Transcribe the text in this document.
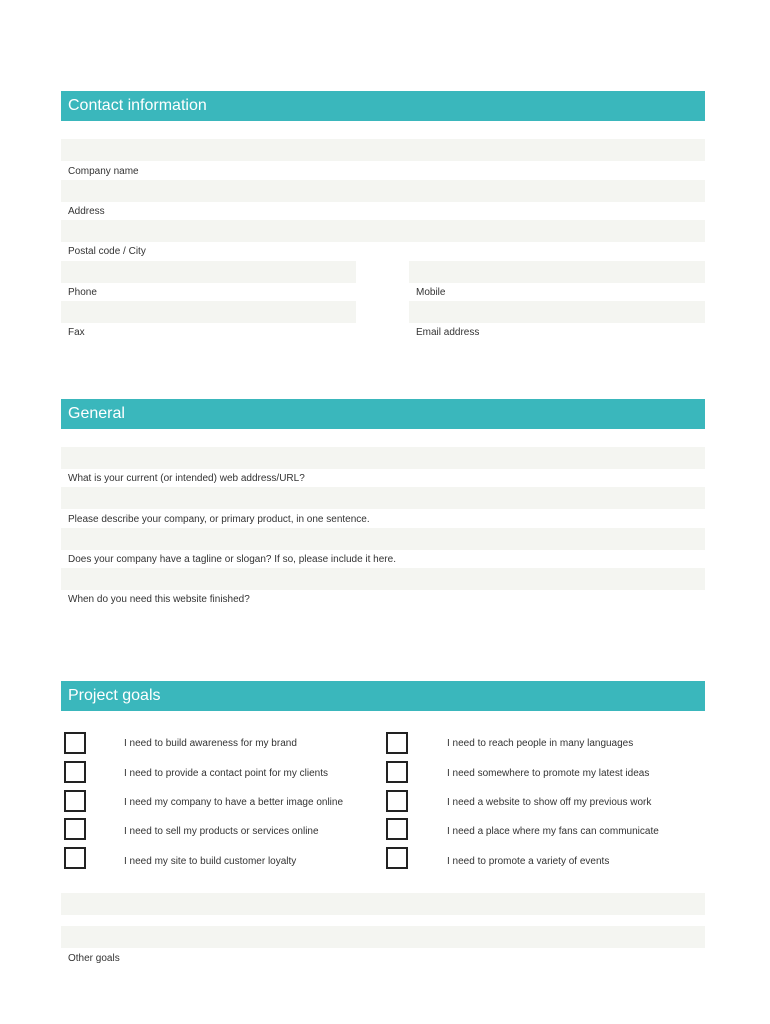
Contact information
Company name
Address
Postal code / City
Phone	Mobile
Fax	Email address
General
What is your current (or intended) web address/URL?
Please describe your company, or primary product, in one sentence.
Does your company have a tagline or slogan? If so, please include it here.
When do you need this website finished?
Project goals
I need to build awareness for my brand
I need to provide a contact point for my clients
I need my company to have a better image online
I need to sell my products or services online
I need my site to build customer loyalty
I need to reach people in many languages
I need somewhere to promote my latest ideas
I need a website to show off my previous work
I need a place where my fans can communicate
I need to promote a variety of events
Other goals
